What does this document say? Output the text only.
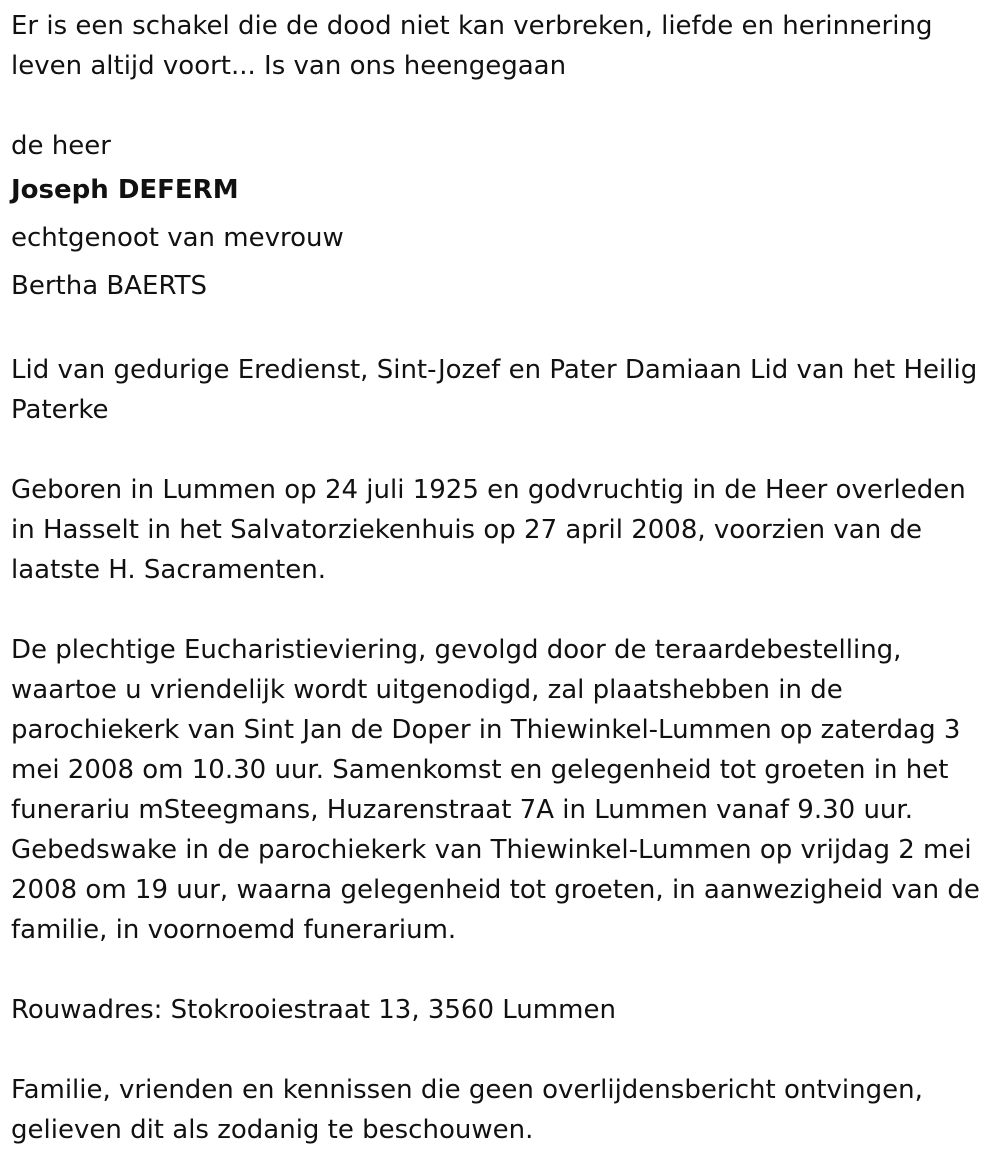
Er is een schakel die de dood niet kan verbreken, liefde en herinnering leven altijd voort... Is van ons heengegaan

de heer

Joseph DEFERM

echtgenoot van mevrouw

Bertha BAERTS

Lid van gedurige Eredienst, Sint-Jozef en Pater Damiaan Lid van het Heilig Paterke

Geboren in Lummen op 24 juli 1925 en godvruchtig in de Heer overleden in Hasselt in het Salvatorziekenhuis op 27 april 2008, voorzien van de laatste H. Sacramenten.

De plechtige Eucharistieviering, gevolgd door de teraardebestelling, waartoe u vriendelijk wordt uitgenodigd, zal plaatshebben in de parochiekerk van Sint Jan de Doper in Thiewinkel-Lummen op zaterdag 3 mei 2008 om 10.30 uur. Samenkomst en gelegenheid tot groeten in het funerariu mSteegmans, Huzarenstraat 7A in Lummen vanaf 9.30 uur. Gebedswake in de parochiekerk van Thiewinkel-Lummen op vrijdag 2 mei 2008 om 19 uur, waarna gelegenheid tot groeten, in aanwezigheid van de familie, in voornoemd funerarium.

Rouwadres: Stokrooiestraat 13, 3560 Lummen

Familie, vrienden en kennissen die geen overlijdensbericht ontvingen, gelieven dit als zodanig te beschouwen.
